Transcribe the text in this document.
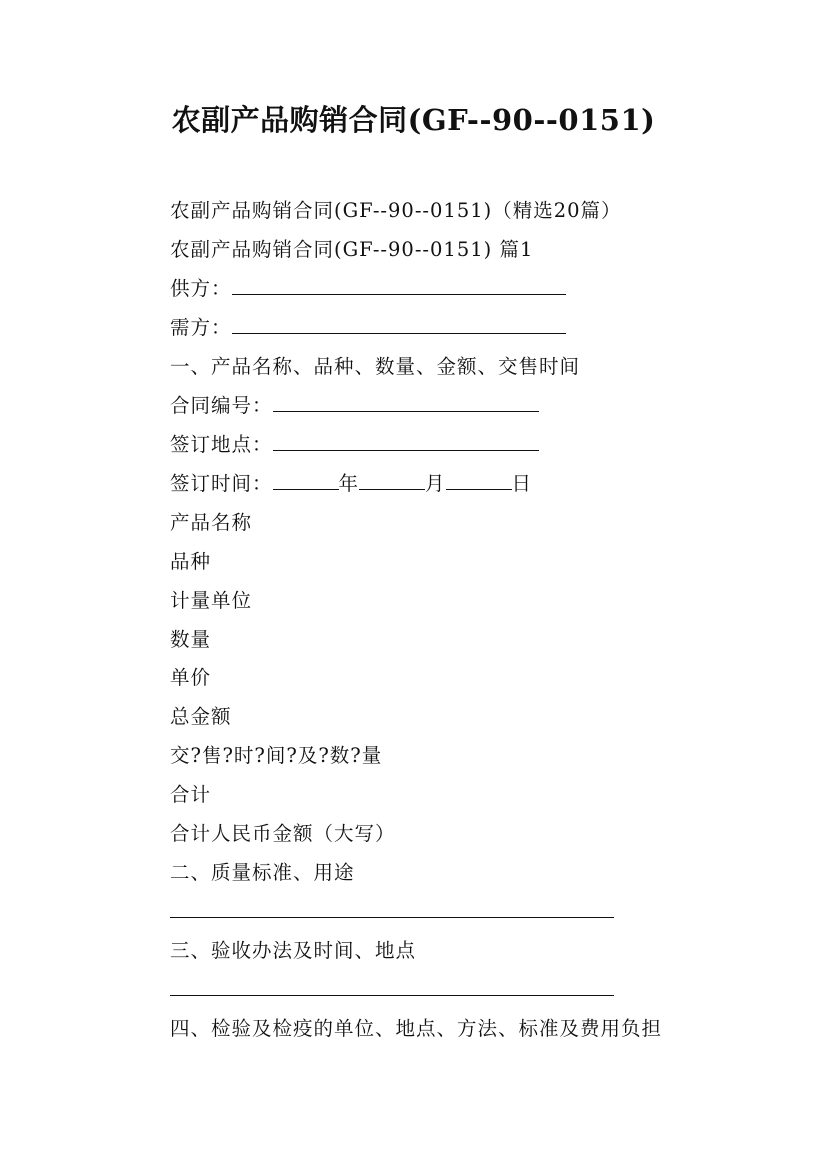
农副产品购销合同(GF--90--0151)
农副产品购销合同(GF--90--0151)（精选20篇）
农副产品购销合同(GF--90--0151) 篇1
供方：
需方：
一、产品名称、品种、数量、金额、交售时间
合同编号：
签订地点：
签订时间：	年	月	日
产品名称
品种
计量单位
数量
单价
总金额
交?售?时?间?及?数?量
合计
合计人民币金额（大写）
二、质量标准、用途
三、验收办法及时间、地点
四、检验及检疫的单位、地点、方法、标准及费用负担
